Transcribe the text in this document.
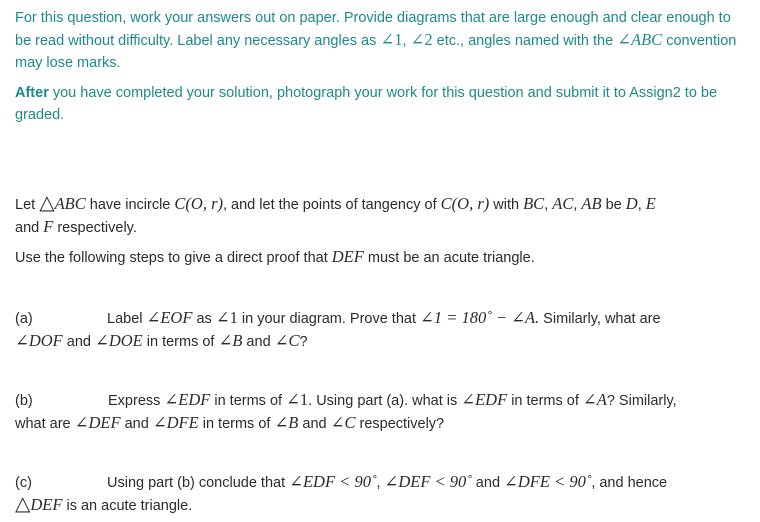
For this question, work your answers out on paper. Provide diagrams that are large enough and clear enough to be read without difficulty. Label any necessary angles as ∠1, ∠2 etc., angles named with the ∠ABC convention may lose marks.
After you have completed your solution, photograph your work for this question and submit it to Assign2 to be graded.
Let △ABC have incircle C(O, r), and let the points of tangency of C(O, r) with BC, AC, AB be D, E
and F respectively.
Use the following steps to give a direct proof that DEF must be an acute triangle.
(a)	Label ∠EOF as ∠1 in your diagram. Prove that ∠1 = 180˚ − ∠A. Similarly, what are
∠DOF and ∠DOE in terms of ∠B and ∠C?
(b)	Express ∠EDF in terms of ∠1. Using part (a). what is ∠EDF in terms of ∠A? Similarly,
what are ∠DEF and ∠DFE in terms of ∠B and ∠C respectively?
(c)	Using part (b) conclude that ∠EDF < 90˚, ∠DEF < 90˚ and ∠DFE < 90˚, and hence
△DEF is an acute triangle.
